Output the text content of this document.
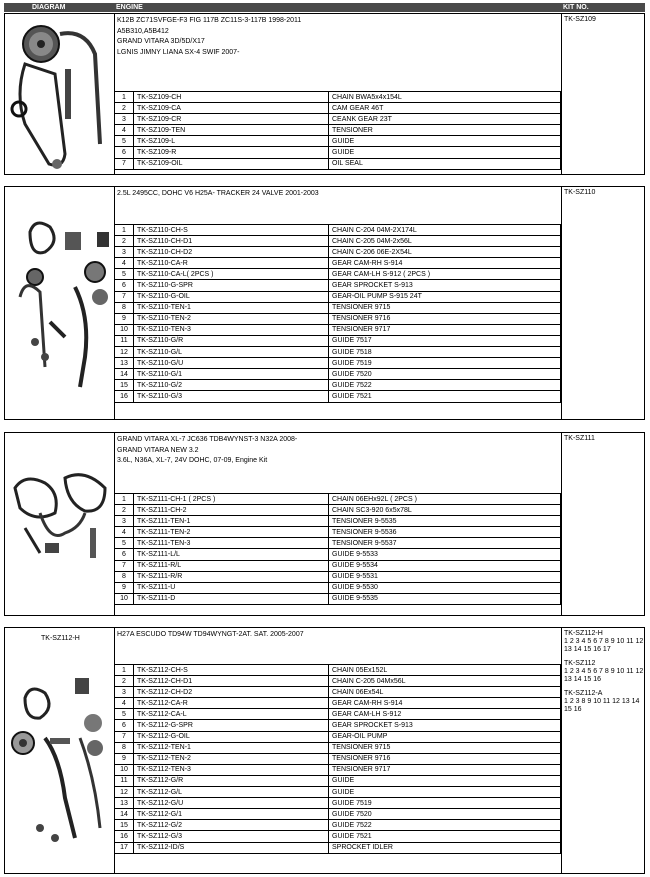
DIAGRAM	ENGINE	KIT NO.
K12B ZC71SVFGE-F3 FIG 117B ZC11S-3-117B 1998-2011
A5B310,A5B412
GRAND VITARA 3D/5D/X17
LGNIS JIMNY LIANA SX-4 SWIF 2007-
1	TK-SZ109-CH	CHAIN BWA5x4x154L
2	TK-SZ109-CA	CAM GEAR 46T
3	TK-SZ109-CR	CEANK GEAR 23T
4	TK-SZ109-TEN	TENSIONER
5	TK-SZ109-L	GUIDE
6	TK-SZ109-R	GUIDE
7	TK-SZ109-OIL	OIL SEAL
TK-SZ109
2.5L 2495CC, DOHC V6 H25A- TRACKER 24 VALVE 2001-2003
1	TK-SZ110-CH-S	CHAIN C-204 04M-2X174L
2	TK-SZ110-CH-D1	CHAIN C-205 04M-2x56L
3	TK-SZ110-CH-D2	CHAIN C-206 06E-2X54L
4	TK-SZ110-CA-R	GEAR CAM-RH S-914
5	TK-SZ110-CA-L( 2PCS )	GEAR CAM-LH S-912 ( 2PCS )
6	TK-SZ110-G-SPR	GEAR SPROCKET S-913
7	TK-SZ110-G-OIL	GEAR-OIL PUMP S-915 24T
8	TK-SZ110-TEN-1	TENSIONER 9715
9	TK-SZ110-TEN-2	TENSIONER 9716
10	TK-SZ110-TEN-3	TENSIONER 9717
11	TK-SZ110-G/R	GUIDE 7517
12	TK-SZ110-G/L	GUIDE 7518
13	TK-SZ110-G/U	GUIDE 7519
14	TK-SZ110-G/1	GUIDE 7520
15	TK-SZ110-G/2	GUIDE 7522
16	TK-SZ110-G/3	GUIDE 7521
TK-SZ110
GRAND VITARA XL-7 JC636 TDB4WYNST-3 N32A 2008-
GRAND VITARA NEW 3.2
3.6L, N36A, XL-7, 24V DOHC, 07-09, Engine Kit
1	TK-SZ111-CH-1 ( 2PCS )	CHAIN 06EHx92L ( 2PCS )
2	TK-SZ111-CH-2	CHAIN SC3-920 6x5x78L
3	TK-SZ111-TEN-1	TENSIONER 9-5535
4	TK-SZ111-TEN-2	TENSIONER 9-5536
5	TK-SZ111-TEN-3	TENSIONER 9-5537
6	TK-SZ111-L/L	GUIDE 9-5533
7	TK-SZ111-R/L	GUIDE 9-5534
8	TK-SZ111-R/R	GUIDE 9-5531
9	TK-SZ111-U	GUIDE 9-5530
10	TK-SZ111-D	GUIDE 9-5535
TK-SZ111
TK-SZ112-H
H27A ESCUDO TD94W TD94WYNGT-2AT. SAT. 2005-2007
1	TK-SZ112-CH-S	CHAIN 05Ex152L
2	TK-SZ112-CH-D1	CHAIN C-205 04Mx56L
3	TK-SZ112-CH-D2	CHAIN 06Ex54L
4	TK-SZ112-CA-R	GEAR CAM-RH S-914
5	TK-SZ112-CA-L	GEAR CAM-LH S-912
6	TK-SZ112-G-SPR	GEAR SPROCKET S-913
7	TK-SZ112-G-OIL	GEAR-OIL PUMP
8	TK-SZ112-TEN-1	TENSIONER 9715
9	TK-SZ112-TEN-2	TENSIONER 9716
10	TK-SZ112-TEN-3	TENSIONER 9717
11	TK-SZ112-G/R	GUIDE
12	TK-SZ112-G/L	GUIDE
13	TK-SZ112-G/U	GUIDE 7519
14	TK-SZ112-G/1	GUIDE 7520
15	TK-SZ112-G/2	GUIDE 7522
16	TK-SZ112-G/3	GUIDE 7521
17	TK-SZ112-ID/S	SPROCKET IDLER
TK-SZ112-H
1 2 3 4 5 6 7 8 9 10 11 12 13 14 15 16 17
TK-SZ112
1 2 3 4 5 6 7 8 9 10 11 12 13 14 15 16
TK-SZ112-A
1 2 3 8 9 10 11 12 13 14 15 16
